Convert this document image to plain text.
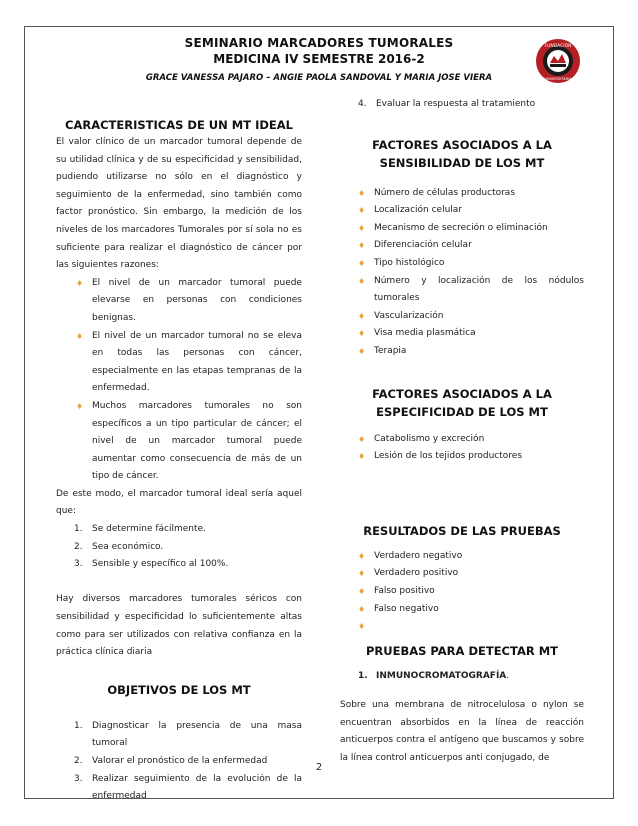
SEMINARIO MARCADORES TUMORALES
MEDICINA IV SEMESTRE 2016-2
GRACE VANESSA PAJARO – ANGIE PAOLA SANDOVAL Y MARIA JOSE VIERA
FUNDACIÓN
UNIVERSITARIA
CARACTERISTICAS DE UN MT IDEAL
El valor clínico de un marcador tumoral depende de su utilidad clínica y de su especificidad y sensibilidad, pudiendo utilizarse no sólo en el diagnóstico y seguimiento de la enfermedad, sino también como factor pronóstico. Sin embargo, la medición de los niveles de los marcadores Tumorales por sí sola no es suficiente para realizar el diagnóstico de cáncer por las siguientes razones:
♦ El nivel de un marcador tumoral puede elevarse en personas con condiciones benignas.
♦ El nivel de un marcador tumoral no se eleva en todas las personas con cáncer, especialmente en las etapas tempranas de la enfermedad.
♦ Muchos marcadores tumorales no son específicos a un tipo particular de cáncer; el nivel de un marcador tumoral puede aumentar como consecuencia de más de un tipo de cáncer.
De este modo, el marcador tumoral ideal sería aquel que:
1. Se determine fácilmente.
2. Sea económico.
3. Sensible y específico al 100%.
Hay diversos marcadores tumorales séricos con sensibilidad y especificidad lo suficientemente altas como para ser utilizados con relativa confianza en la práctica clínica diaria
OBJETIVOS DE LOS MT
1. Diagnosticar la presencia de una masa tumoral
2. Valorar el pronóstico de la enfermedad
3. Realizar seguimiento de la evolución de la enfermedad
4. Evaluar la respuesta al tratamiento
FACTORES ASOCIADOS A LA SENSIBILIDAD DE LOS MT
♦ Número de células productoras
♦ Localización celular
♦ Mecanismo de secreción o eliminación
♦ Diferenciación celular
♦ Tipo histológico
♦ Número y localización de los nódulos tumorales
♦ Vascularización
♦ Visa media plasmática
♦ Terapia
FACTORES ASOCIADOS A LA ESPECIFICIDAD DE LOS MT
♦ Catabolismo y excreción
♦ Lesión de los tejidos productores
RESULTADOS DE LAS PRUEBAS
♦ Verdadero negativo
♦ Verdadero positivo
♦ Falso positivo
♦ Falso negativo
♦

PRUEBAS PARA DETECTAR MT
1. INMUNOCROMATOGRAFÍA.
Sobre una membrana de nitrocelulosa o nylon se encuentran absorbidos en la línea de reacción anticuerpos contra el antígeno que buscamos y sobre la línea control anticuerpos anti conjugado, de
2
